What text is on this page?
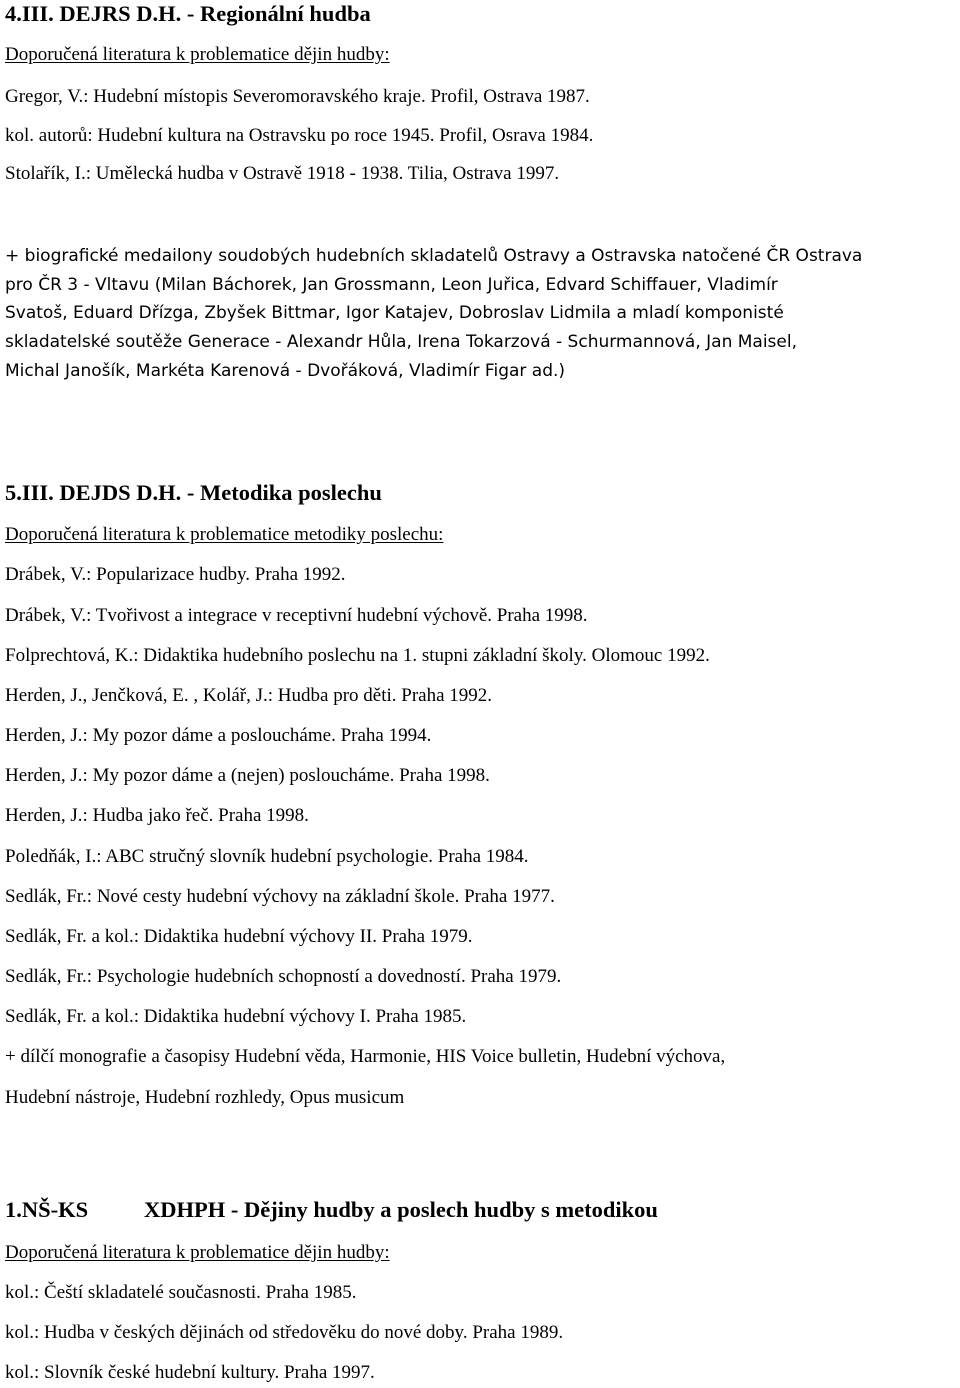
4.III. DEJRS D.H. - Regionální hudba
Doporučená literatura k problematice dějin hudby:
Gregor, V.: Hudební místopis Severomoravského kraje. Profil, Ostrava 1987.
kol. autorů: Hudební kultura na Ostravsku po roce 1945. Profil, Osrava 1984.
Stolařík, I.: Umělecká hudba v Ostravě 1918 - 1938. Tilia, Ostrava 1997.
+ biografické medailony soudobých hudebních skladatelů Ostravy a Ostravska natočené ČR Ostrava
pro ČR 3 - Vltavu (Milan Báchorek, Jan Grossmann, Leon Juřica, Edvard Schiffauer, Vladimír
Svatoš, Eduard Dřízga, Zbyšek Bittmar, Igor Katajev, Dobroslav Lidmila a mladí komponisté
skladatelské soutěže Generace - Alexandr Hůla, Irena Tokarzová - Schurmannová, Jan Maisel,
Michal Janošík, Markéta Karenová - Dvořáková, Vladimír Figar ad.)
5.III. DEJDS D.H. - Metodika poslechu
Doporučená literatura k problematice metodiky poslechu:
Drábek, V.: Popularizace hudby. Praha 1992.
Drábek, V.: Tvořivost a integrace v receptivní hudební výchově. Praha 1998.
Folprechtová, K.: Didaktika hudebního poslechu na 1. stupni základní školy. Olomouc 1992.
Herden, J., Jenčková, E. , Kolář, J.: Hudba pro děti. Praha 1992.
Herden, J.: My pozor dáme a posloucháme. Praha 1994.
Herden, J.: My pozor dáme a (nejen) posloucháme. Praha 1998.
Herden, J.: Hudba jako řeč. Praha 1998.
Poledňák, I.: ABC stručný slovník hudební psychologie. Praha 1984.
Sedlák, Fr.: Nové cesty hudební výchovy na základní škole. Praha 1977.
Sedlák, Fr. a kol.: Didaktika hudební výchovy II. Praha 1979.
Sedlák, Fr.: Psychologie hudebních schopností a dovedností. Praha 1979.
Sedlák, Fr. a kol.: Didaktika hudební výchovy I. Praha 1985.
+ dílčí monografie a časopisy Hudební věda, Harmonie, HIS Voice bulletin, Hudební výchova,
Hudební nástroje, Hudební rozhledy, Opus musicum
1.NŠ-KS XDHPH - Dějiny hudby a poslech hudby s metodikou
Doporučená literatura k problematice dějin hudby:
kol.: Čeští skladatelé současnosti. Praha 1985.
kol.: Hudba v českých dějinách od středověku do nové doby. Praha 1989.
kol.: Slovník české hudební kultury. Praha 1997.
